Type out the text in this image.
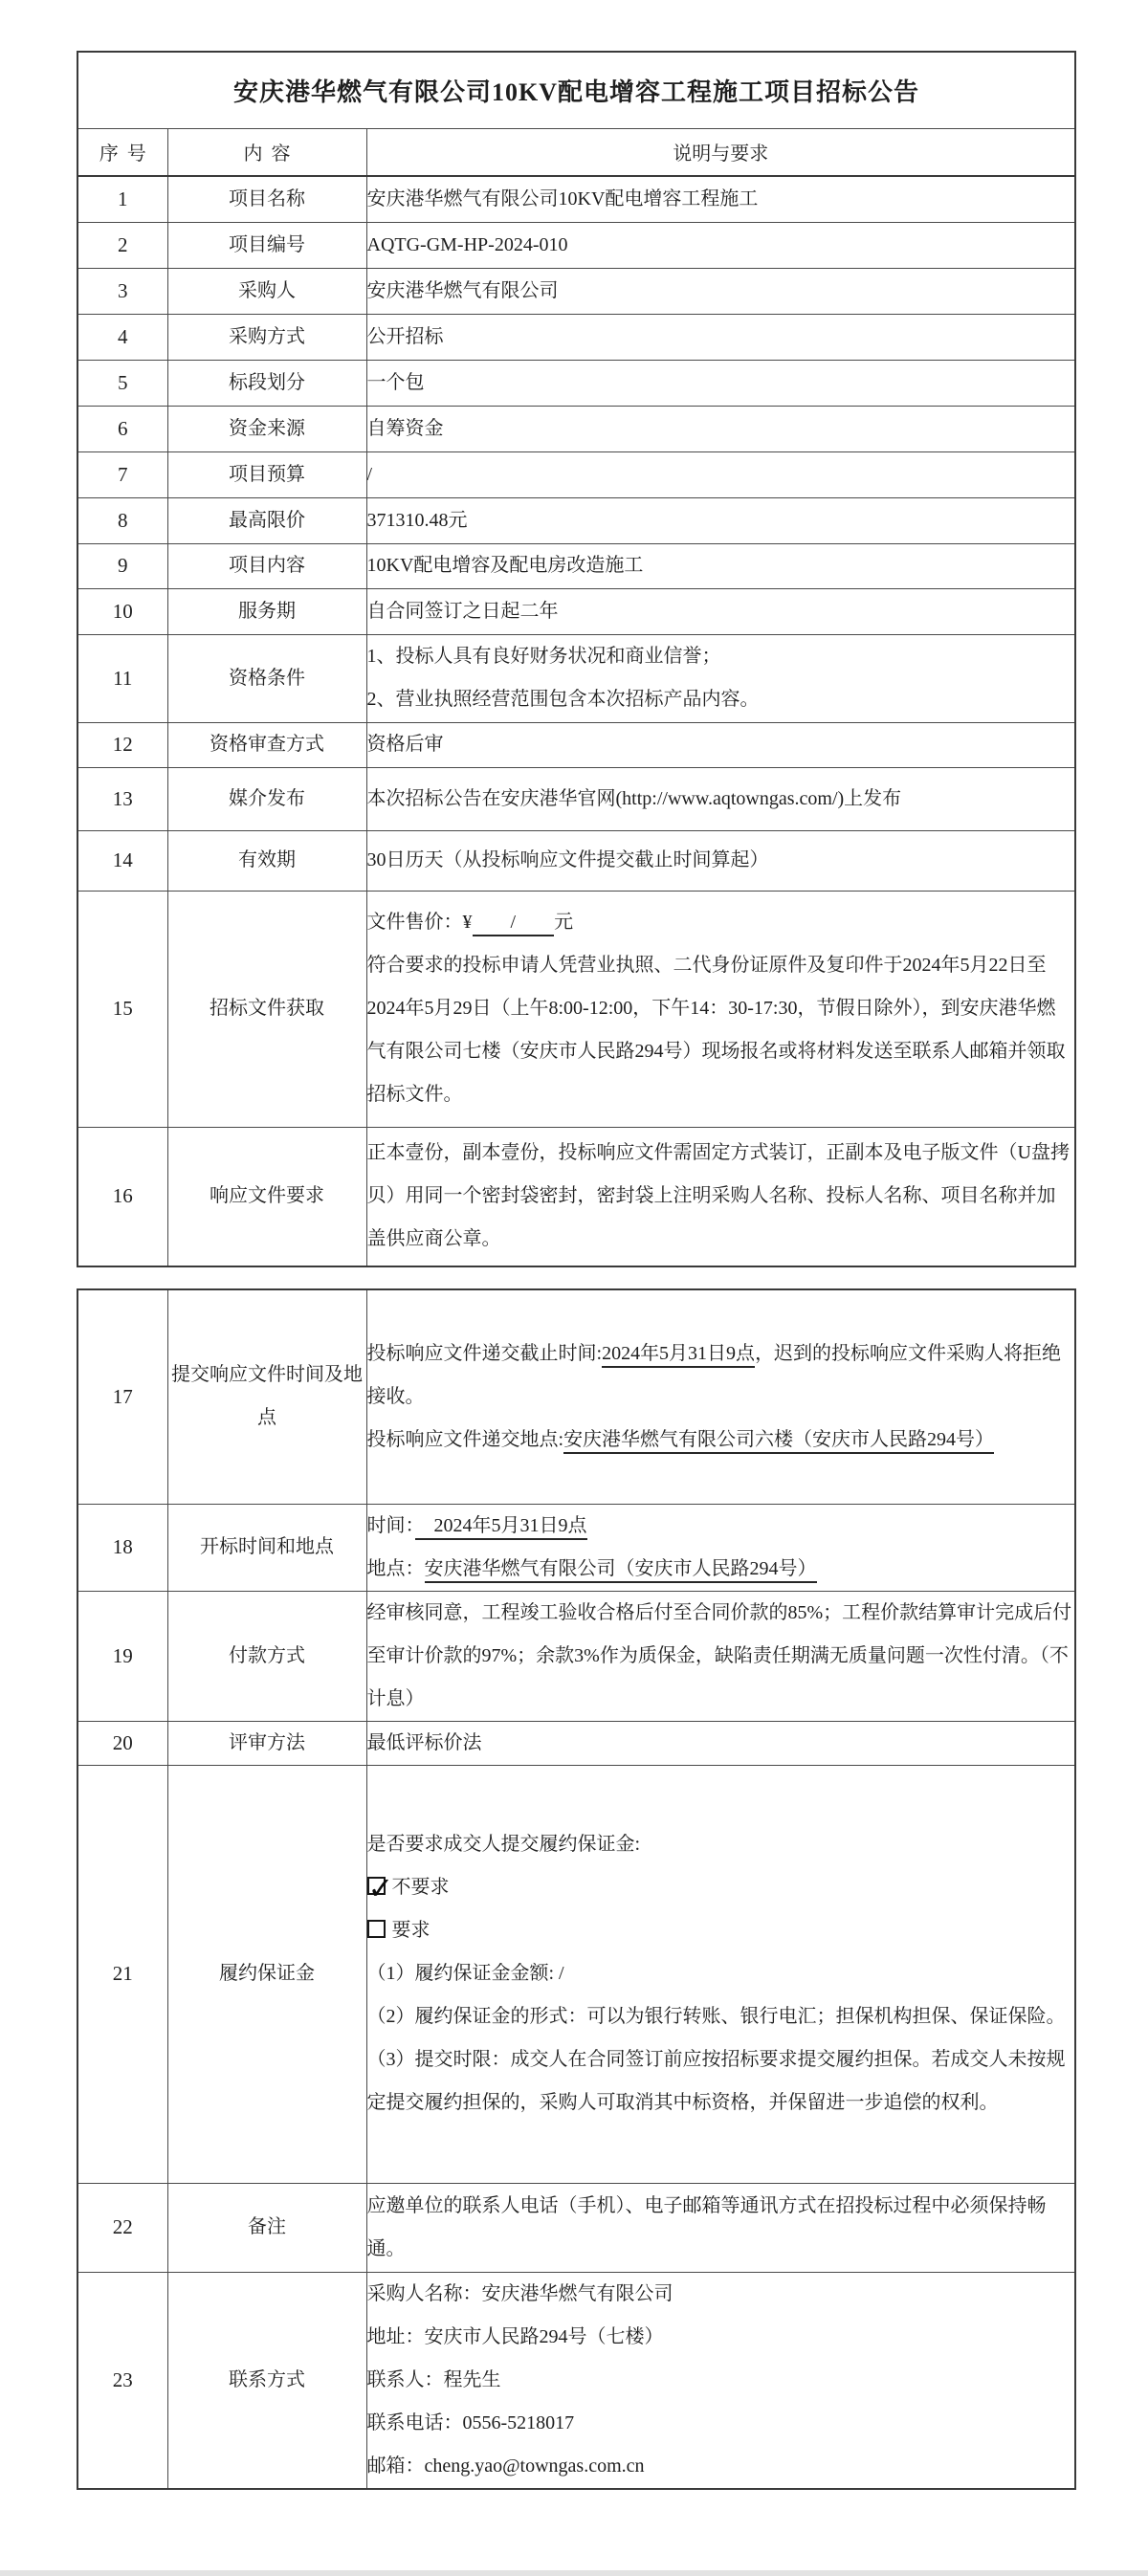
安庆港华燃气有限公司10KV配电增容工程施工项目招标公告		
序号	内容	说明与要求
1	项目名称	安庆港华燃气有限公司10KV配电增容工程施工

2	项目编号	AQTG-GM-HP-2024-010

3	采购人	安庆港华燃气有限公司

4	采购方式	公开招标

5	标段划分	一个包

6	资金来源	自筹资金

7	项目预算	/

8	最高限价	371310.48元

9	项目内容	10KV配电增容及配电房改造施工

10	服务期	自合同签订之日起二年

11	资格条件	1、投标人具有良好财务状况和商业信誉；

2、营业执照经营范围包含本次招标产品内容。

12	资格审查方式	资格后审

13	媒介发布	本次招标公告在安庆港华官网(http://www.aqtowngas.com/)上发布

14	有效期	30日历天（从投标响应文件提交截止时间算起）

15	招标文件获取	文件售价：¥　　/　　元

符合要求的投标申请人凭营业执照、二代身份证原件及复印件于2024年5月22日至2024年5月29日（上午8:00-12:00，下午14：30-17:30，节假日除外），到安庆港华燃气有限公司七楼（安庆市人民路294号）现场报名或将材料发送至联系人邮箱并领取招标文件。

16	响应文件要求	正本壹份，副本壹份，投标响应文件需固定方式装订，正副本及电子版文件（U盘拷贝）用同一个密封袋密封，密封袋上注明采购人名称、投标人名称、项目名称并加盖供应商公章。

17	提交响应文件时间及地点	投标响应文件递交截止时间:2024年5月31日9点，迟到的投标响应文件采购人将拒绝接收。

投标响应文件递交地点:安庆港华燃气有限公司六楼（安庆市人民路294号）

18	开标时间和地点	时间：　2024年5月31日9点

地点：安庆港华燃气有限公司（安庆市人民路294号）

19	付款方式	经审核同意，工程竣工验收合格后付至合同价款的85%；工程价款结算审计完成后付至审计价款的97%；余款3%作为质保金，缺陷责任期满无质量问题一次性付清。（不计息）

20	评审方法	最低评标价法

21	履约保证金	

是否要求成交人提交履约保证金:

✓不要求

要求

（1）履约保证金金额: /

（2）履约保证金的形式：可以为银行转账、银行电汇；担保机构担保、保证保险。

（3）提交时限：成交人在合同签订前应按招标要求提交履约担保。若成交人未按规定提交履约担保的，采购人可取消其中标资格，并保留进一步追偿的权利。

22	备注	应邀单位的联系人电话（手机）、电子邮箱等通讯方式在招投标过程中必须保持畅通。

23	联系方式	采购人名称：安庆港华燃气有限公司

地址：安庆市人民路294号（七楼）

联系人：程先生

联系电话：0556-5218017

邮箱：cheng.yao@towngas.com.cn
